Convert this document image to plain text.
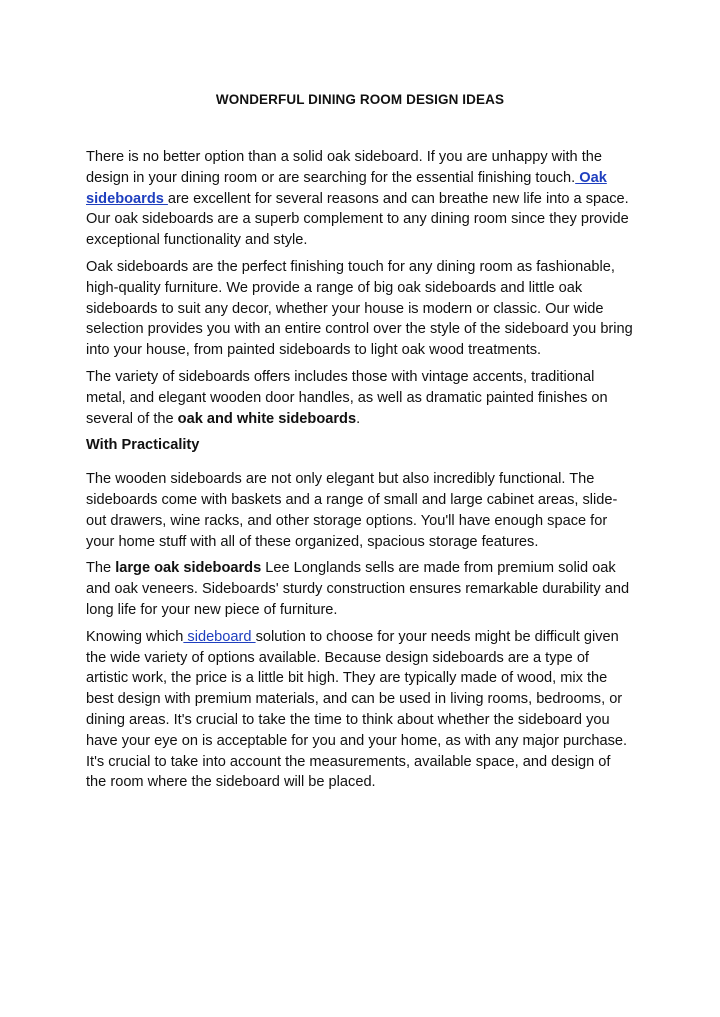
WONDERFUL DINING ROOM DESIGN IDEAS

There is no better option than a solid oak sideboard. If you are unhappy with the design in your dining room or are searching for the essential finishing touch. Oak sideboards are excellent for several reasons and can breathe new life into a space. Our oak sideboards are a superb complement to any dining room since they provide exceptional functionality and style.

Oak sideboards are the perfect finishing touch for any dining room as fashionable, high-quality furniture. We provide a range of big oak sideboards and little oak sideboards to suit any decor, whether your house is modern or classic. Our wide selection provides you with an entire control over the style of the sideboard you bring into your house, from painted sideboards to light oak wood treatments.

The variety of sideboards offers includes those with vintage accents, traditional metal, and elegant wooden door handles, as well as dramatic painted finishes on several of the oak and white sideboards.

With Practicality

The wooden sideboards are not only elegant but also incredibly functional. The sideboards come with baskets and a range of small and large cabinet areas, slide-out drawers, wine racks, and other storage options. You'll have enough space for your home stuff with all of these organized, spacious storage features.

The large oak sideboards Lee Longlands sells are made from premium solid oak and oak veneers. Sideboards' sturdy construction ensures remarkable durability and long life for your new piece of furniture.

Knowing which sideboard solution to choose for your needs might be difficult given the wide variety of options available. Because design sideboards are a type of artistic work, the price is a little bit high. They are typically made of wood, mix the best design with premium materials, and can be used in living rooms, bedrooms, or dining areas. It's crucial to take the time to think about whether the sideboard you have your eye on is acceptable for you and your home, as with any major purchase. It's crucial to take into account the measurements, available space, and design of the room where the sideboard will be placed.
